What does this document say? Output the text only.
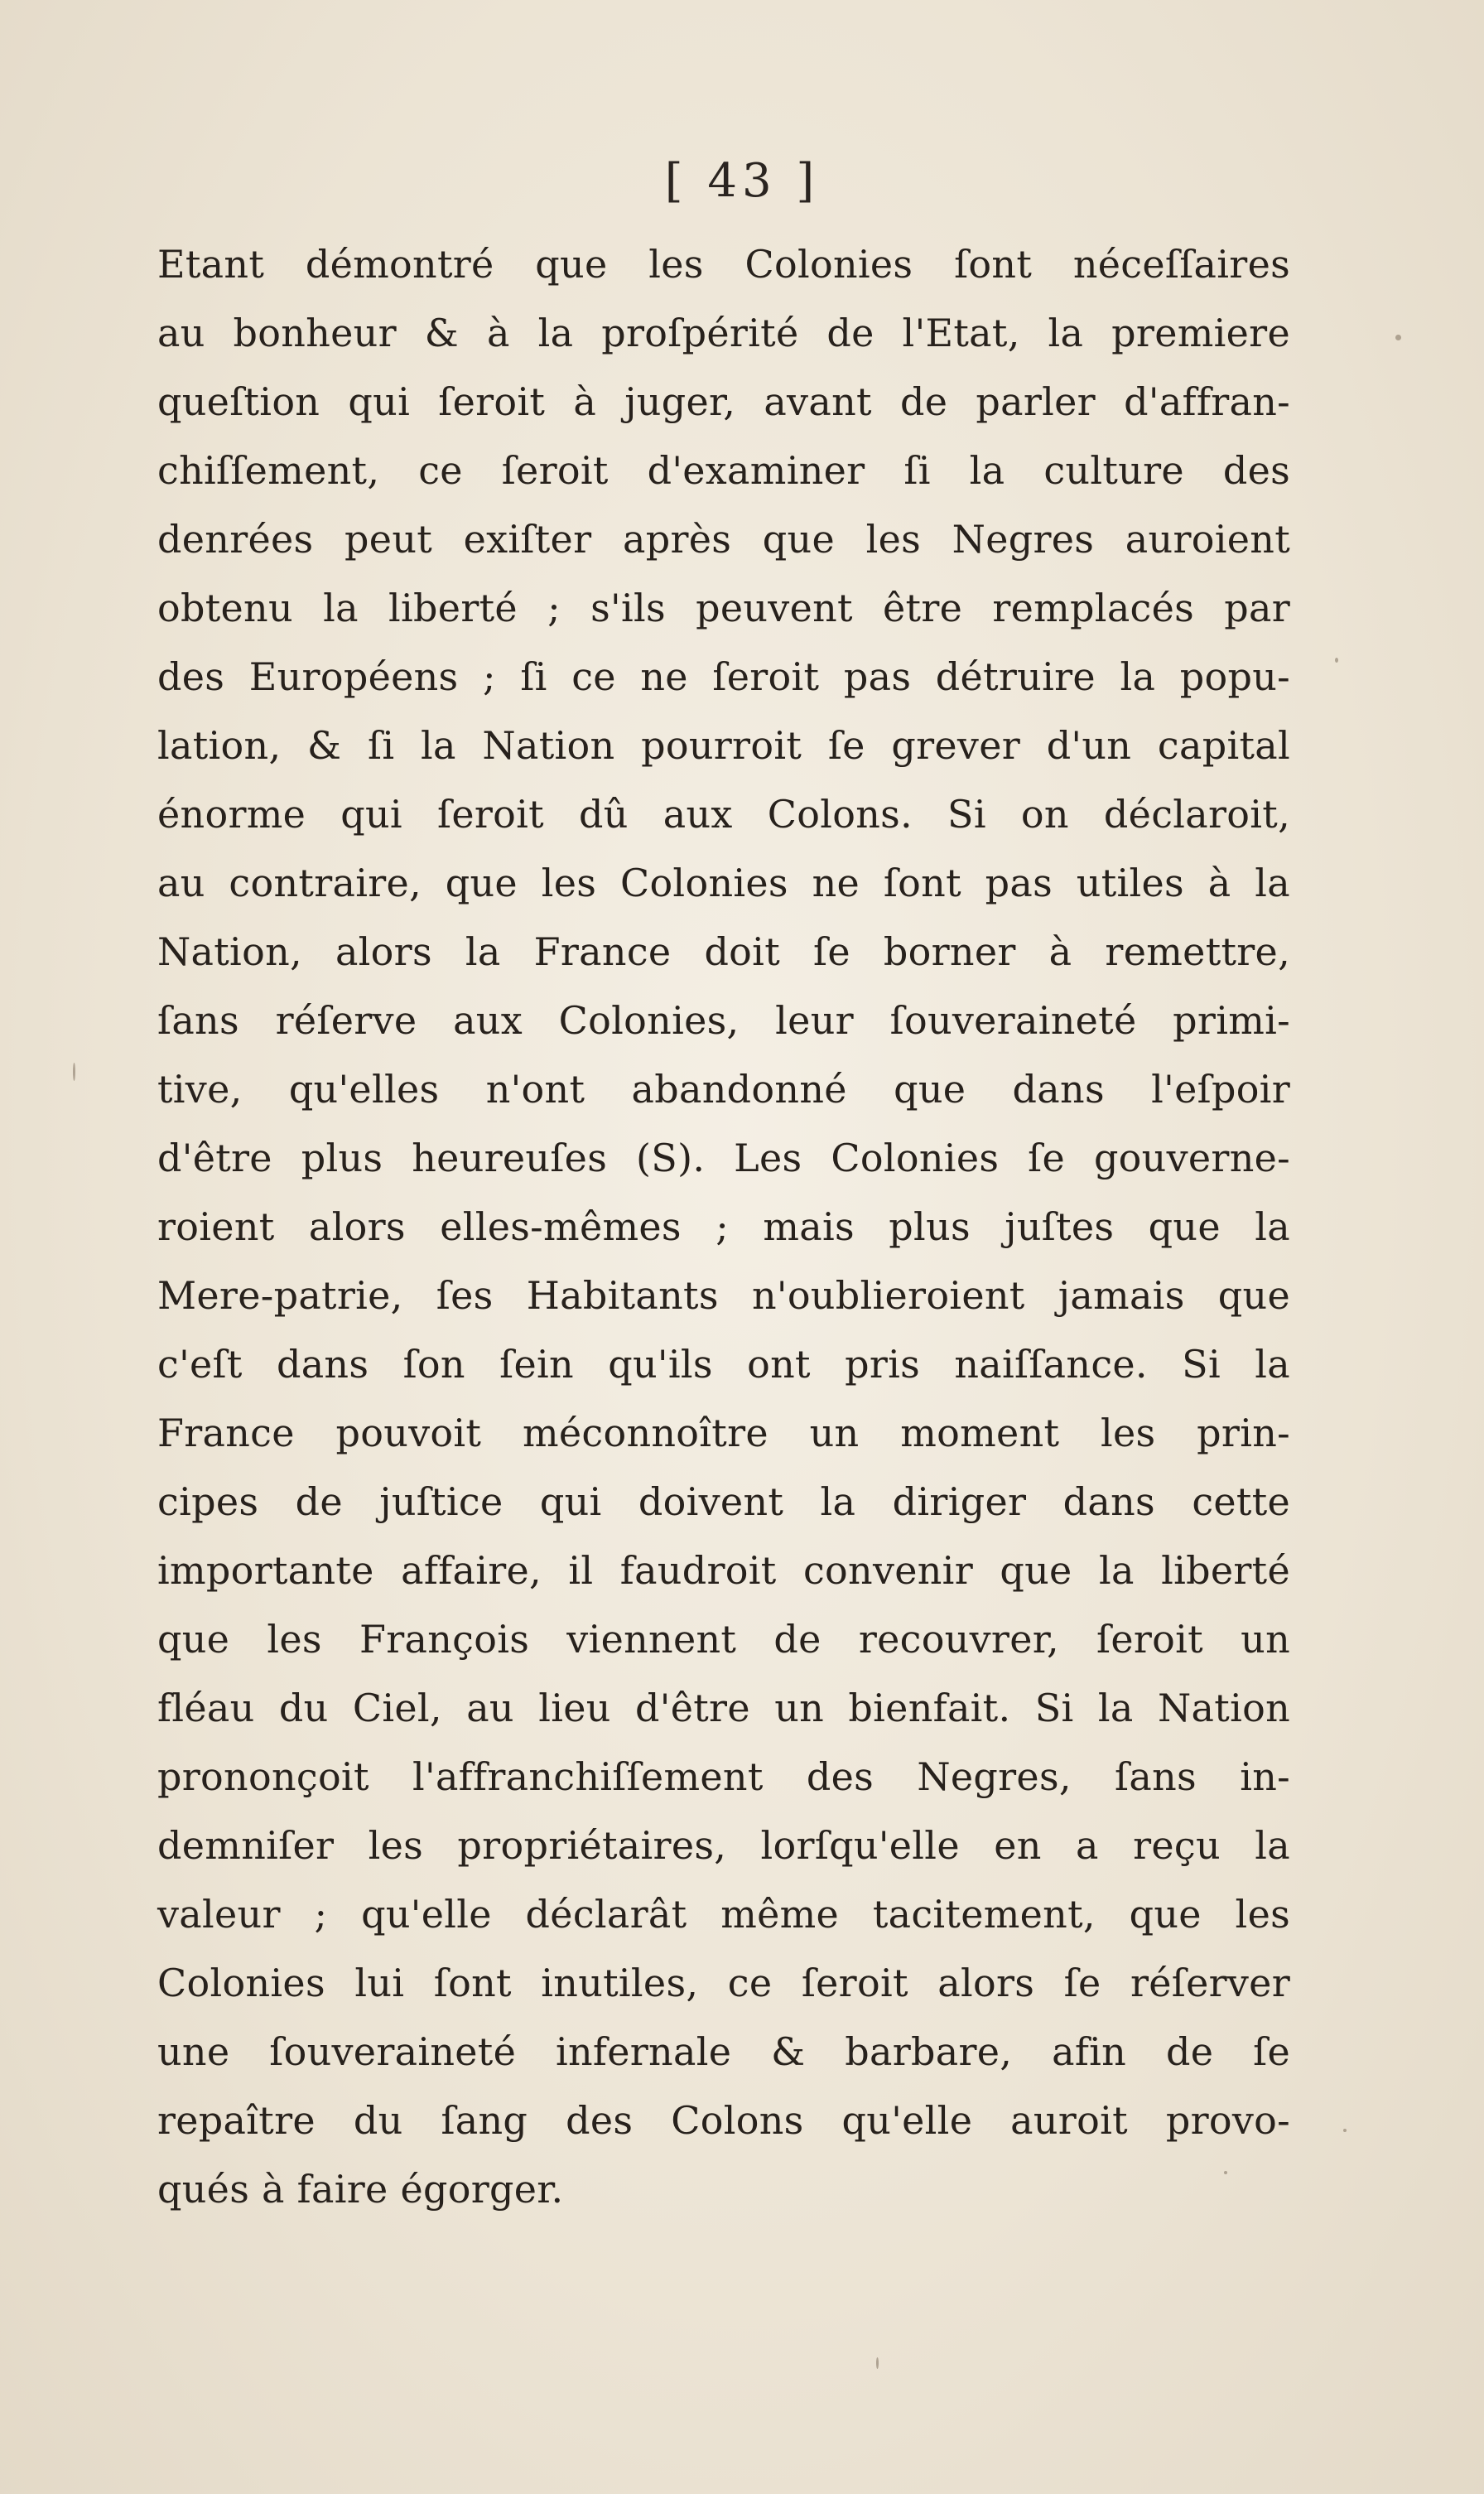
[ 43 ]
Etant démontré que les Colonies ſont néceſſaires
au bonheur & à la proſpérité de l'Etat, la premiere
queſtion qui ſeroit à juger, avant de parler d'affran-
chiſſement, ce ſeroit d'examiner ſi la culture des
denrées peut exiſter après que les Negres auroient
obtenu la liberté ; s'ils peuvent être remplacés par
des Européens ; ſi ce ne ſeroit pas détruire la popu-
lation, & ſi la Nation pourroit ſe grever d'un capital
énorme qui ſeroit dû aux Colons. Si on déclaroit,
au contraire, que les Colonies ne ſont pas utiles à la
Nation, alors la France doit ſe borner à remettre,
ſans réſerve aux Colonies, leur ſouveraineté primi-
tive, qu'elles n'ont abandonné que dans l'eſpoir
d'être plus heureuſes (S). Les Colonies ſe gouverne-
roient alors elles-mêmes ; mais plus juſtes que la
Mere-patrie, ſes Habitants n'oublieroient jamais que
c'eſt dans ſon ſein qu'ils ont pris naiſſance. Si la
France pouvoit méconnoître un moment les prin-
cipes de juſtice qui doivent la diriger dans cette
importante affaire, il faudroit convenir que la liberté
que les François viennent de recouvrer, ſeroit un
fléau du Ciel, au lieu d'être un bienfait. Si la Nation
prononçoit l'affranchiſſement des Negres, ſans in-
demniſer les propriétaires, lorſqu'elle en a reçu la
valeur ; qu'elle déclarât même tacitement, que les
Colonies lui ſont inutiles, ce ſeroit alors ſe réſerver
une ſouveraineté infernale & barbare, afin de ſe
repaître du ſang des Colons qu'elle auroit provo-
qués à faire égorger.
